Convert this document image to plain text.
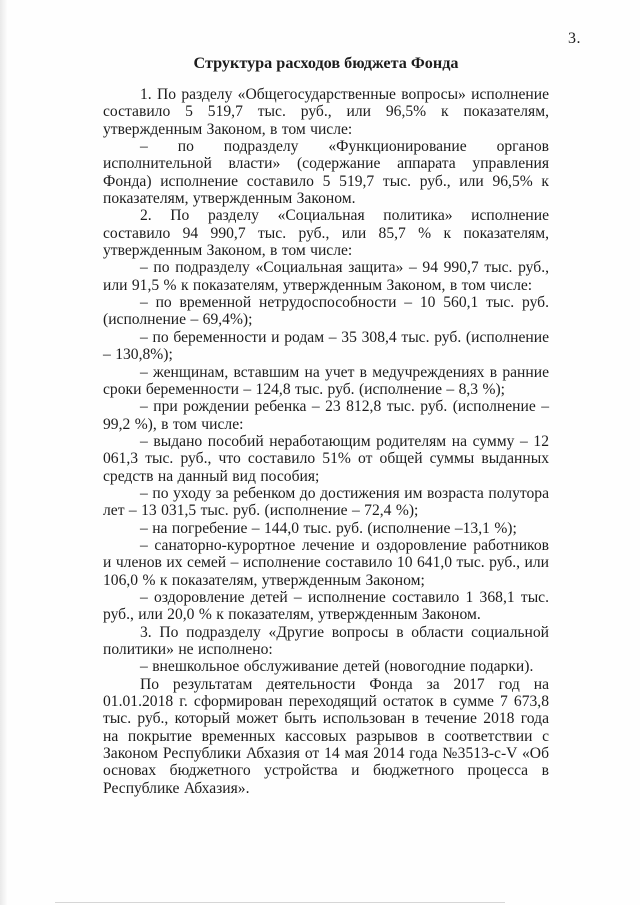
3.
Структура расходов бюджета Фонда

1. По разделу «Общегосударственные вопросы» исполнение составило 5 519,7 тыс. руб., или 96,5% к показателям, утвержденным Законом, в том числе:

– по подразделу «Функционирование органов исполнительной власти» (содержание аппарата управления Фонда) исполнение составило 5 519,7 тыс. руб., или 96,5% к показателям, утвержденным Законом.

2. По разделу «Социальная политика» исполнение составило 94 990,7 тыс. руб., или 85,7 % к показателям, утвержденным Законом, в том числе:

– по подразделу «Социальная защита» – 94 990,7 тыс. руб., или 91,5 % к показателям, утвержденным Законом, в том числе:

– по временной нетрудоспособности – 10 560,1 тыс. руб. (исполнение – 69,4%);

– по беременности и родам – 35 308,4 тыс. руб. (исполнение – 130,8%);

– женщинам, вставшим на учет в медучреждениях в ранние сроки беременности – 124,8 тыс. руб. (исполнение – 8,3 %);

– при рождении ребенка – 23 812,8 тыс. руб. (исполнение – 99,2 %), в том числе:

– выдано пособий неработающим родителям на сумму – 12 061,3 тыс. руб., что составило 51% от общей суммы выданных средств на данный вид пособия;

– по уходу за ребенком до достижения им возраста полутора лет – 13 031,5 тыс. руб. (исполнение – 72,4 %);

– на погребение – 144,0 тыс. руб. (исполнение –13,1 %);

– санаторно-курортное лечение и оздоровление работников и членов их семей – исполнение составило 10 641,0 тыс. руб., или 106,0 % к показателям, утвержденным Законом;

– оздоровление детей – исполнение составило 1 368,1 тыс. руб., или 20,0 % к показателям, утвержденным Законом.

3. По подразделу «Другие вопросы в области социальной политики» не исполнено:

– внешкольное обслуживание детей (новогодние подарки).

По результатам деятельности Фонда за 2017 год на 01.01.2018 г. сформирован переходящий остаток в сумме 7 673,8 тыс. руб., который может быть использован в течение 2018 года на покрытие временных кассовых разрывов в соответствии с Законом Республики Абхазия от 14 мая 2014 года №3513-с-V «Об основах бюджетного устройства и бюджетного процесса в Республике Абхазия».
